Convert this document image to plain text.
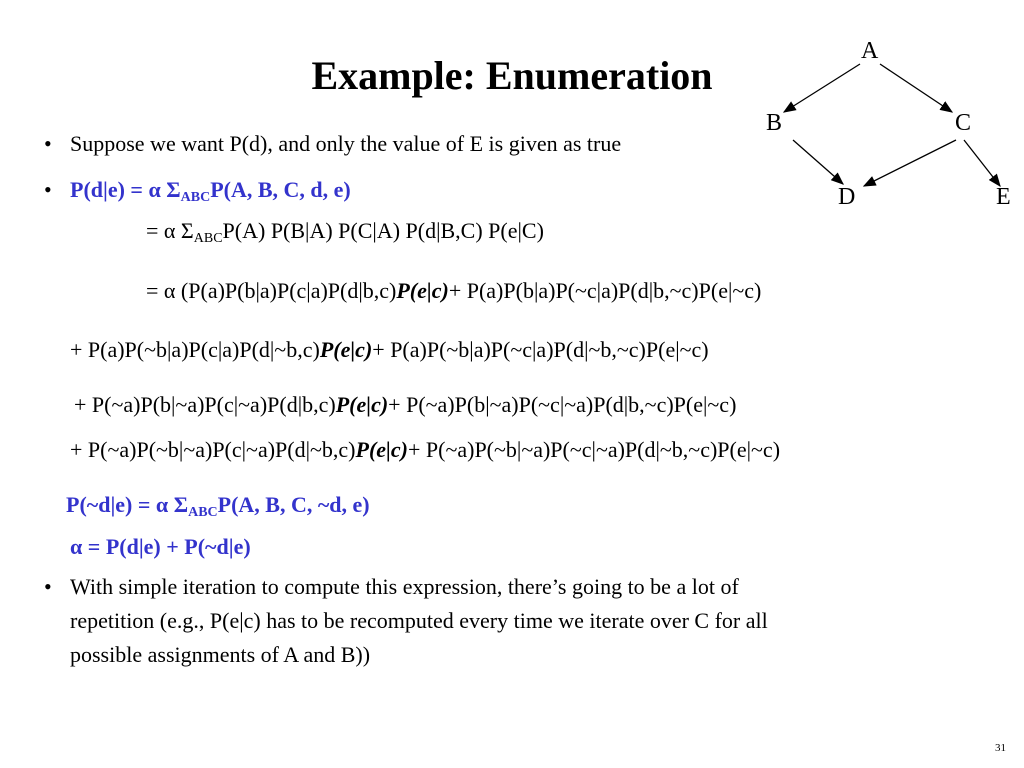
Example: Enumeration
A
B	C
D	E
• Suppose we want P(d), and only the value of E is given as true
• P(d|e) = α $\Sigma_{ABC}P(A$, B, C, d, e)
= α $\Sigma_{ABC}P(A)$ P(B|A) P(C|A) P(d|B,C) P(e|C)
= α (P(a)P(b|a)P(c|a)P(d|b,c)P(e|c)+ P(a)P(b|a)P(~c|a)P(d|b,~c)P(e|~c)
+ P(a)P(~b|a)P(c|a)P(d|~b,c)P(e|c)+ P(a)P(~b|a)P(~c|a)P(d|~b,~c)P(e|~c)
+ P(~a)P(b|~a)P(c|~a)P(d|b,c)P(e|c)+ P(~a)P(b|~a)P(~c|~a)P(d|b,~c)P(e|~c)
+ P(~a)P(~b|~a)P(c|~a)P(d|~b,c)P(e|c)+ P(~a)P(~b|~a)P(~c|~a)P(d|~b,~c)P(e|~c)
P(~d|e) = α $\Sigma_{ABC}P(A$, B, C, ~d, e)
α = P(d|e) + P(~d|e)
• With simple iteration to compute this expression, there’s going to be a lot of
repetition (e.g., P(e|c) has to be recomputed every time we iterate over C for all
possible assignments of A and B))
31
